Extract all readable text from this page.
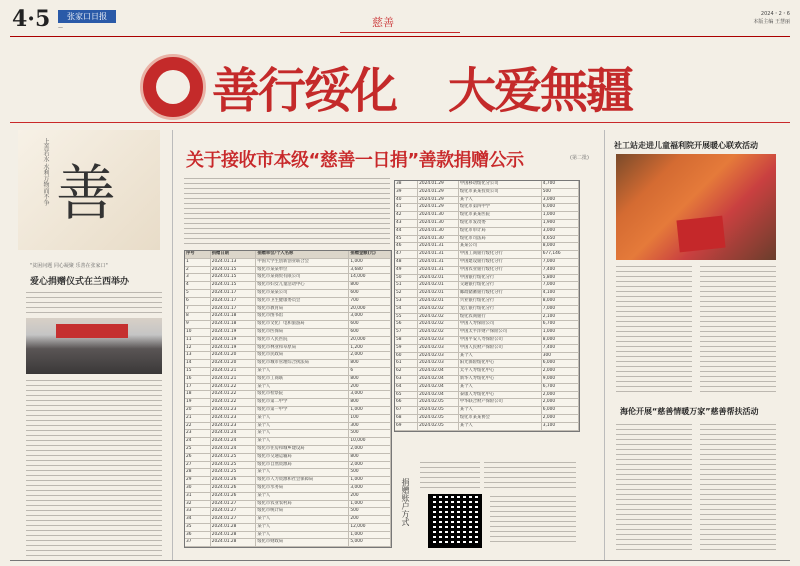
4·5	张家口日报
—	慈善
2024・2・6
本版主编 王慧丽
善行绥化 大爱無疆
善
上善若水 水利万物而不争
"贫困问题 同心凝聚 乐善在张家口"
爱心捐赠仪式在兰西举办
关于接收市本级“慈善一日捐”善款捐赠公示	(第二批)
序号	捐赠日期	捐赠单位/个人名称	捐赠金额(元)
1	2024.01.13	中国大学生创新创业联合会	1,000
2	2024.01.15	绥化市某某单位	3,680
3	2024.01.15	绥化市某商贸有限公司	14,000
4	2024.01.15	绥化市妇女儿童活动中心	800
5	2024.01.17	绥化市某某公司	600
6	2024.01.17	绥化市卫生健康委员会	700
7	2024.01.17	绥化市教育局	20,000
8	2024.01.18	绥化市图书馆	3,000
9	2024.01.18	绥化市文化广电和旅游局	600
10	2024.01.19	绥化市医保局	600
11	2024.01.19	绥化市人民医院	20,000
12	2024.01.19	绥化市林业和草原局	1,200
13	2024.01.20	绥化市民政局	2,000
14	2024.01.20	绥化市城市管理综合执法局	800
15	2024.01.21	某个人	6
16	2024.01.21	绥化市工商联	800
17	2024.01.22	某个人	200
18	2024.01.22	绥化市检察院	3,000
19	2024.01.22	绥化市第二中学	800
20	2024.01.23	绥化市第一中学	1,000
21	2024.01.23	某个人	100
22	2024.01.23	某个人	300
23	2024.01.24	某个人	500
24	2024.01.24	某个人	10,000
25	2024.01.24	绥化市住房和城乡建设局	2,000
26	2024.01.25	绥化市交通运输局	800
27	2024.01.25	绥化市自然资源局	2,000
28	2024.01.25	某个人	500
29	2024.01.26	绥化市人力资源和社会保障局	1,000
30	2024.01.26	绥化市水务局	3,000
31	2024.01.26	某个人	200
32	2024.01.27	绥化市农业农村局	1,000
33	2024.01.27	绥化市统计局	500
34	2024.01.27	某个人	200
35	2024.01.28	某个人	12,000
36	2024.01.28	某个人	1,000
37	2024.01.28	绥化市财政局	5,000
38	2024.01.29	中国移动绥化分公司	4,700
39	2024.01.29	绥化市某某投资公司	500
40	2024.01.29	某个人	3,000
41	2024.01.29	绥化市第四中学	6,000
42	2024.01.30	绥化市某某医院	1,000
43	2024.01.30	绥化市发改委	1,900
44	2024.01.30	绥化市审计局	3,000
45	2024.01.30	绥化市司法局	4,650
46	2024.01.31	某某公司	8,000
47	2024.01.31	中国工商银行绥化分行	677,146
48	2024.01.31	中国建设银行绥化分行	7,000
49	2024.01.31	中国农业银行绥化分行	7,400
50	2024.02.01	中国银行绥化分行	5,800
51	2024.02.01	交通银行绥化分行	7,000
52	2024.02.01	邮政储蓄银行绥化分行	4,100
53	2024.02.01	兴业银行绥化分行	8,000
54	2024.02.02	龙江银行绥化分行	7,000
55	2024.02.02	绥化农商银行	2,100
56	2024.02.02	中国人寿保险公司	6,700
57	2024.02.02	中国太平洋财产保险公司	1,000
58	2024.02.03	中国平安人寿保险公司	8,000
59	2024.02.03	中国人民财产保险公司	7,400
60	2024.02.03	某个人	300
61	2024.02.03	阳光保险绥化中心	6,000
62	2024.02.04	太平人寿绥化中心	2,000
63	2024.02.04	新华人寿绥化中心	9,000
64	2024.02.04	某个人	6,700
65	2024.02.04	泰康人寿绥化中心	2,000
66	2024.02.05	中华联合财产保险公司	2,000
67	2024.02.05	某个人	6,000
68	2024.02.05	绥化市某某协会	2,000
69	2024.02.05	某个人	3,100
捐赠账户方式
社工站走进儿童福利院开展暖心联欢活动
海伦开展“慈善情暖万家”慈善帮扶活动
